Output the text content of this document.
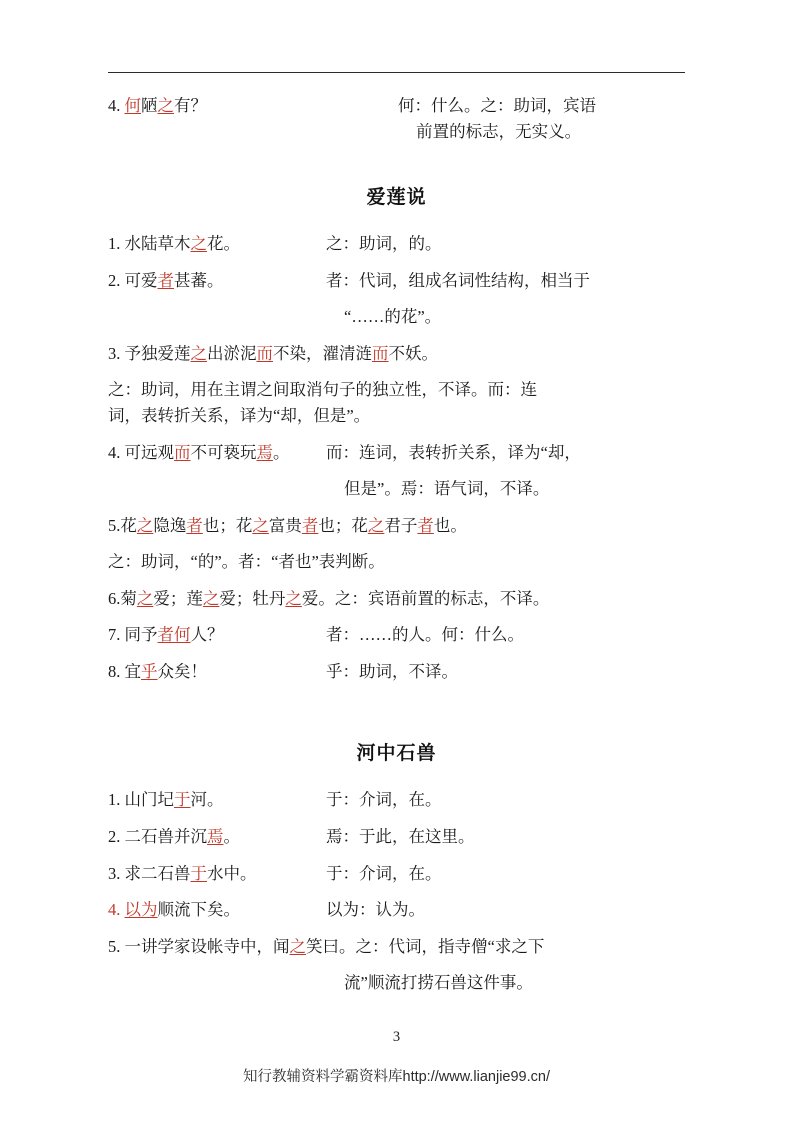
4. 何陋之有？	何：什么。之：助词，宾语
前置的标志，无实义。
爱莲说
1. 水陆草木之花。	之：助词，的。
2. 可爱者甚蕃。	者：代词，组成名词性结构，相当于
“……的花”。
3. 予独爱莲之出淤泥而不染，濯清涟而不妖。
之：助词，用在主谓之间取消句子的独立性，不译。而：连
词，表转折关系，译为“却，但是”。
4. 可远观而不可亵玩焉。	而：连词，表转折关系，译为“却，
但是”。焉：语气词，不译。
5.花之隐逸者也；花之富贵者也；花之君子者也。
之：助词，“的”。者：“者也”表判断。
6.菊之爱；莲之爱；牡丹之爱。 之：宾语前置的标志，不译。
7. 同予者何人？	者：……的人。何：什么。
8. 宜乎众矣！	乎：助词，不译。
河中石兽
1. 山门圮于河。	于：介词，在。
2. 二石兽并沉焉。	焉：于此，在这里。
3. 求二石兽于水中。	于：介词，在。
4. 以为顺流下矣。	以为：认为。
5. 一讲学家设帐寺中，闻之笑曰。 之：代词，指寺僧“求之下
流”顺流打捞石兽这件事。
3
知行教辅资料学霸资料库http://www.lianjie99.cn/
